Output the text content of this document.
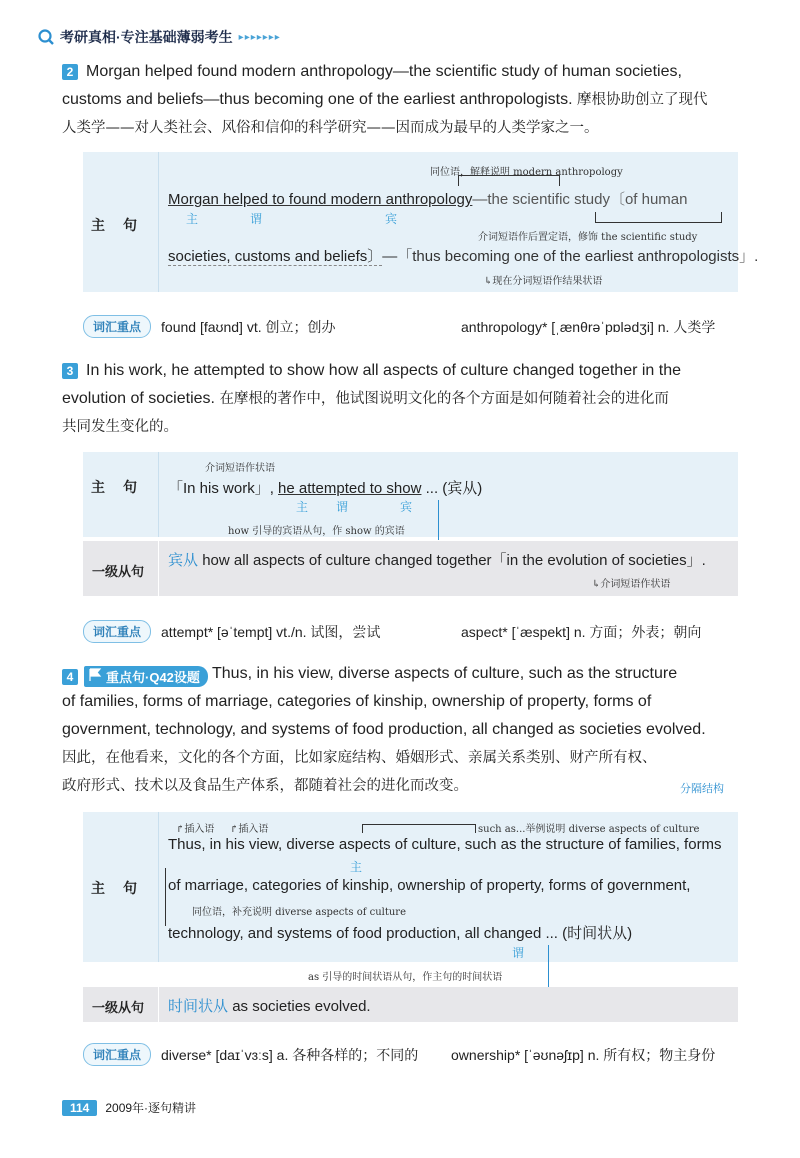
考研真相·专注基础薄弱考生 ▸▸▸▸▸▸▸
2 Morgan helped found modern anthropology—the scientific study of human societies,
customs and beliefs—thus becoming one of the earliest anthropologists. 摩根协助创立了现代
人类学——对人类社会、风俗和信仰的科学研究——因而成为最早的人类学家之一。
主句
同位语，解释说明 modern anthropology
Morgan helped to found modern anthropology—the scientific study〔of human
主	谓	宾
介词短语作后置定语，修饰 the scientific study
societies, customs and beliefs〕—「thus becoming one of the earliest anthropologists」.
↳现在分词短语作结果状语
词汇重点	found [faʊnd] vt. 创立；创办	anthropology* [ˌænθrəˈpɒlədʒi] n. 人类学
3 In his work, he attempted to show how all aspects of culture changed together in the
evolution of societies. 在摩根的著作中，他试图说明文化的各个方面是如何随着社会的进化而
共同发生变化的。
主句
介词短语作状语
「In his work」, he attempted to show ... (宾从)
主 谓	宾
how 引导的宾语从句，作 show 的宾语
一级从句
宾从 how all aspects of culture changed together「in the evolution of societies」.
↳介词短语作状语
词汇重点	attempt* [əˈtempt] vt./n. 试图，尝试	aspect* [ˈæspekt] n. 方面；外表；朝向
4	重点句·Q42设题 Thus, in his view, diverse aspects of culture, such as the structure
of families, forms of marriage, categories of kinship, ownership of property, forms of
government, technology, and systems of food production, all changed as societies evolved.
因此，在他看来，文化的各个方面，比如家庭结构、婚姻形式、亲属关系类别、财产所有权、
政府形式、技术以及食品生产体系，都随着社会的进化而改变。	分隔结构
主句
↱插入语 ↱插入语	such as...举例说明 diverse aspects of culture
Thus, in his view, diverse aspects of culture, such as the structure of families, forms
主
of marriage, categories of kinship, ownership of property, forms of government,
同位语，补充说明 diverse aspects of culture
technology, and systems of food production, all changed ... (时间状从)
谓
as 引导的时间状语从句，作主句的时间状语
一级从句 时间状从 as societies evolved.
词汇重点	diverse* [daɪˈvɜːs] a. 各种各样的；不同的	ownership* [ˈəʊnəʃɪp] n. 所有权；物主身份
114	2009年·逐句精讲
